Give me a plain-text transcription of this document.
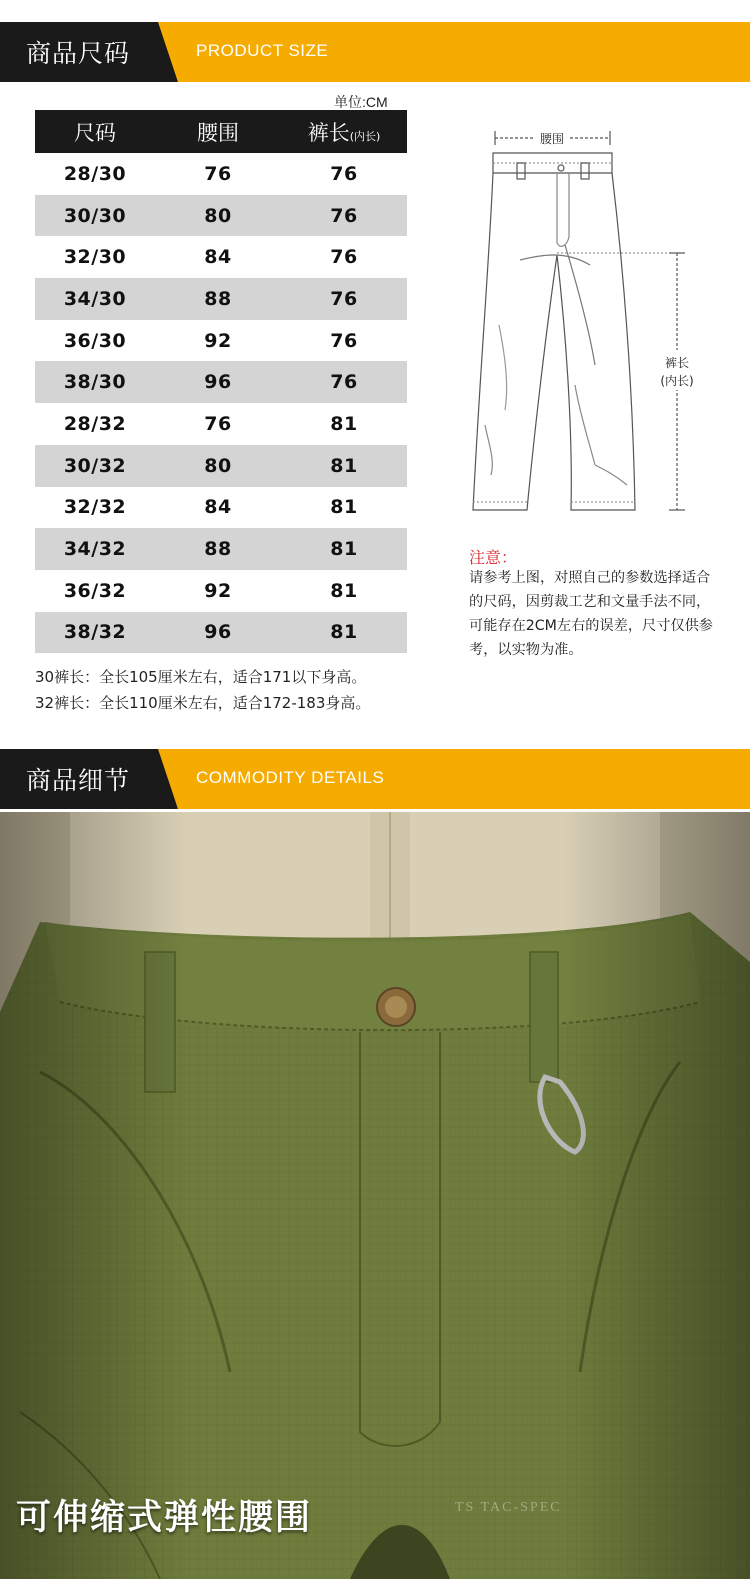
商品尺码	PRODUCT SIZE
单位:CM
尺码	腰围	裤长(内长)
28/30	76	76
30/30	80	76
32/30	84	76
34/30	88	76
36/30	92	76
38/30	96	76
28/32	76	81
30/32	80	81
32/32	84	81
34/32	88	81
36/32	92	81
38/32	96	81
30裤长：全长105厘米左右，适合171以下身高。
32裤长：全长110厘米左右，适合172-183身高。
腰围
裤长
(内长)
注意：
请参考上图，对照自己的参数选择适合的尺码，因剪裁工艺和文量手法不同，可能存在2CM左右的误差，尺寸仅供参考，以实物为准。
商品细节	COMMODITY DETAILS
可伸缩式弹性腰围	TS TAC-SPEC
